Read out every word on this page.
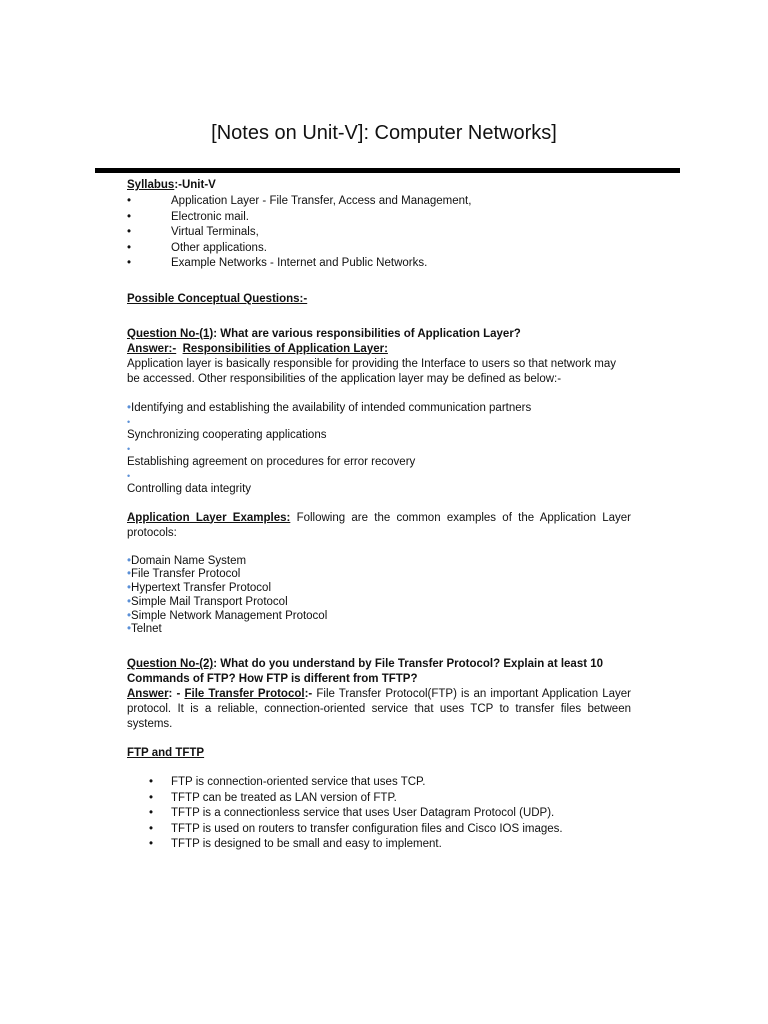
[Notes on Unit-V]: Computer Networks]
Syllabus:-Unit-V
•	Application Layer - File Transfer, Access and Management,
•	Electronic mail.
•	Virtual Terminals,
•	Other applications.
•	Example Networks - Internet and Public Networks.
Possible Conceptual Questions:-
Question No-(1): What are various responsibilities of Application Layer?
Answer:- Responsibilities of Application Layer:
Application layer is basically responsible for providing the Interface to users so that network may be accessed. Other responsibilities of the application layer may be defined as below:-
•Identifying and establishing the availability of intended communication partners
•
Synchronizing cooperating applications
•
Establishing agreement on procedures for error recovery
•
Controlling data integrity
Application Layer Examples: Following are the common examples of the Application Layer protocols:
•Domain Name System
•File Transfer Protocol
•Hypertext Transfer Protocol
•Simple Mail Transport Protocol
•Simple Network Management Protocol
•Telnet
Question No-(2): What do you understand by File Transfer Protocol? Explain at least 10 Commands of FTP? How FTP is different from TFTP?
Answer: - File Transfer Protocol:- File Transfer Protocol(FTP) is an important Application Layer protocol. It is a reliable, connection-oriented service that uses TCP to transfer files between systems.
FTP and TFTP
• FTP is connection-oriented service that uses TCP.
• TFTP can be treated as LAN version of FTP.
• TFTP is a connectionless service that uses User Datagram Protocol (UDP).
• TFTP is used on routers to transfer configuration files and Cisco IOS images.
• TFTP is designed to be small and easy to implement.
